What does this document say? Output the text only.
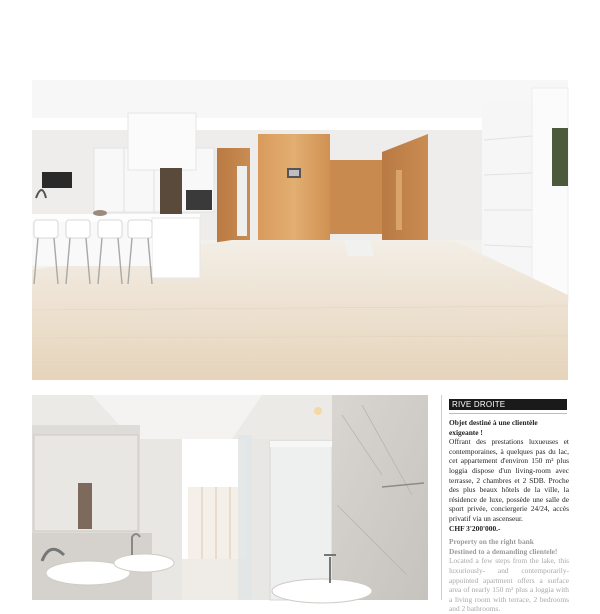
RIVE DROITE
Objet destiné à une clientèle
exigeante !
Offrant des prestations luxueuses et contemporaines, à quelques pas du lac, cet appartement d'environ 150 m² plus loggia dispose d'un living-room avec terrasse, 2 chambres et 2 SDB. Proche des plus beaux hôtels de la ville, la résidence de luxe, possède une salle de sport privée, conciergerie 24/24, accès privatif via un ascenseur.
CHF 3'200'000.-
Property on the right bank
Destined to a demanding clientele!
Located a few steps from the lake, this luxuriously- and contemporarily-appointed apartment offers a surface area of nearly 150 m² plus a loggia with a living room with terrace, 2 bedrooms and 2 bathrooms.
